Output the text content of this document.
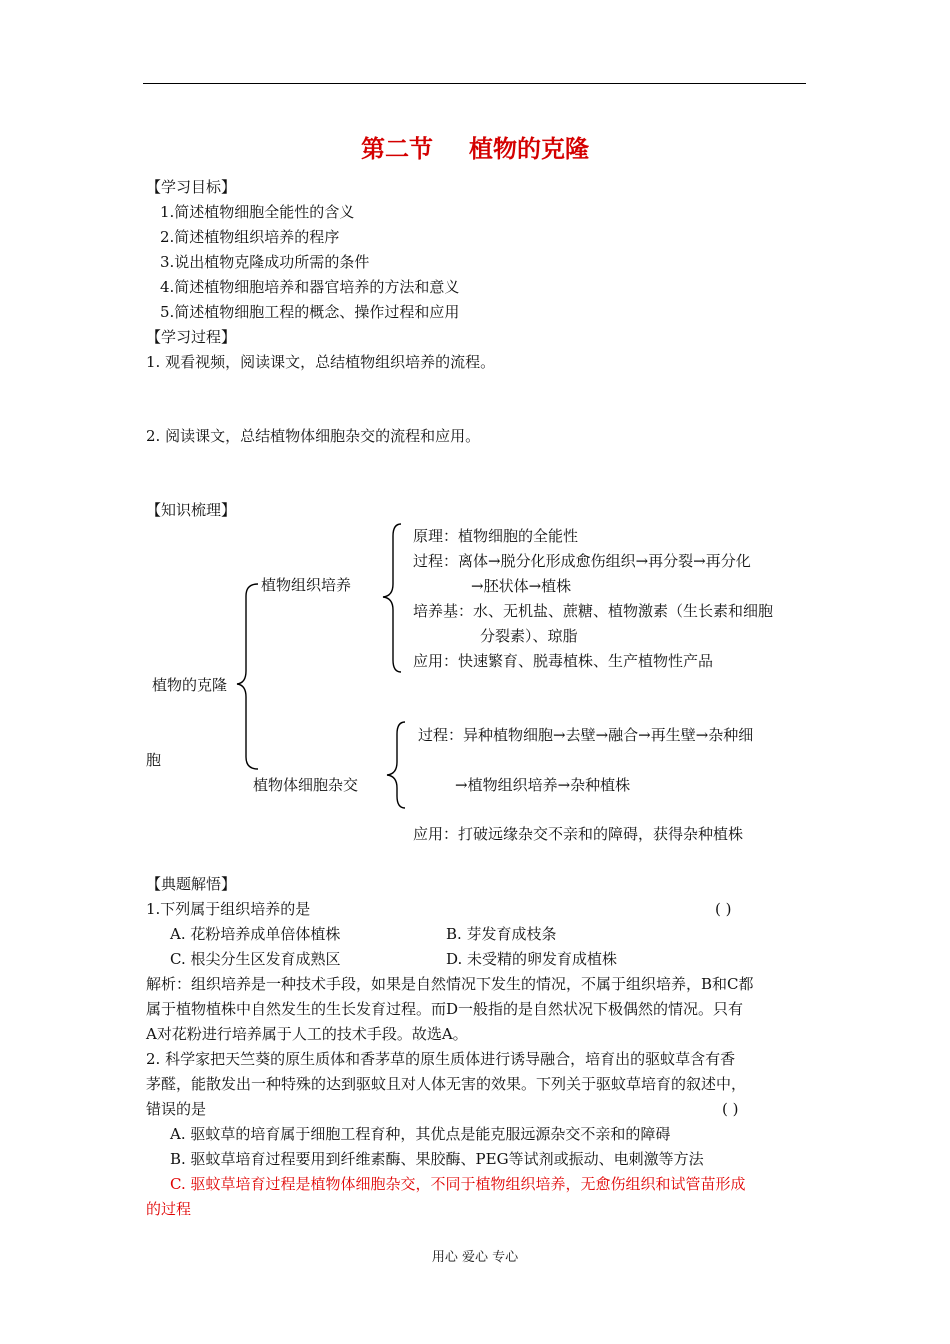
第二节 植物的克隆
【学习目标】
1.简述植物细胞全能性的含义
2.简述植物组织培养的程序
3.说出植物克隆成功所需的条件
4.简述植物细胞培养和器官培养的方法和意义
5.简述植物细胞工程的概念、操作过程和应用
【学习过程】
1. 观看视频，阅读课文，总结植物组织培养的流程。
2. 阅读课文，总结植物体细胞杂交的流程和应用。
【知识梳理】
植物组织培养
原理：植物细胞的全能性
过程：离体→脱分化形成愈伤组织→再分裂→再分化
→胚状体→植株
培养基：水、无机盐、蔗糖、植物激素（生长素和细胞
分裂素）、琼脂
应用：快速繁育、脱毒植株、生产植物性产品
植物的克隆
胞
植物体细胞杂交
过程：异种植物细胞→去壁→融合→再生壁→杂种细
→植物组织培养→杂种植株
应用：打破远缘杂交不亲和的障碍，获得杂种植株
【典题解悟】
1.下列属于组织培养的是	( )
A. 花粉培养成单倍体植株	B. 芽发育成枝条
C. 根尖分生区发育成熟区	D. 未受精的卵发育成植株
解析：组织培养是一种技术手段，如果是自然情况下发生的情况，不属于组织培养，B和C都
属于植物植株中自然发生的生长发育过程。而D一般指的是自然状况下极偶然的情况。只有
A对花粉进行培养属于人工的技术手段。故选A。
2. 科学家把天竺葵的原生质体和香茅草的原生质体进行诱导融合，培育出的驱蚊草含有香
茅醛，能散发出一种特殊的达到驱蚊且对人体无害的效果。下列关于驱蚊草培育的叙述中，
错误的是	( )
A. 驱蚊草的培育属于细胞工程育种，其优点是能克服远源杂交不亲和的障碍
B. 驱蚊草培育过程要用到纤维素酶、果胶酶、PEG等试剂或振动、电刺激等方法
C. 驱蚊草培育过程是植物体细胞杂交，不同于植物组织培养，无愈伤组织和试管苗形成
的过程
用心 爱心 专心
